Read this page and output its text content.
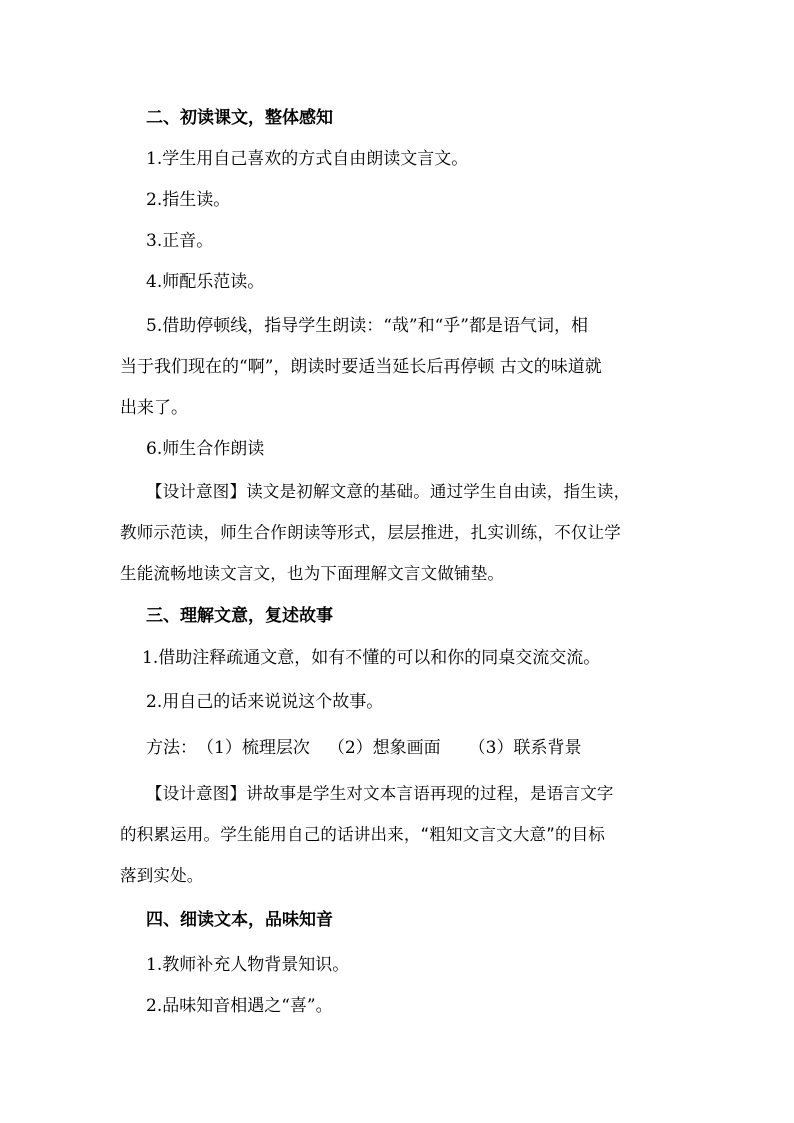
二、初读课文，整体感知
1.学生用自己喜欢的方式自由朗读文言文。
2.指生读。
3.正音。
4.师配乐范读。
5.借助停顿线，指导学生朗读：“哉”和“乎”都是语气词，相
当于我们现在的“啊”，朗读时要适当延长后再停顿 古文的味道就
出来了。
6.师生合作朗读
【设计意图】读文是初解文意的基础。通过学生自由读，指生读，
教师示范读，师生合作朗读等形式，层层推进，扎实训练，不仅让学
生能流畅地读文言文，也为下面理解文言文做铺垫。
三、理解文意，复述故事
1.借助注释疏通文意，如有不懂的可以和你的同桌交流交流。
2.用自己的话来说说这个故事。
方法：（1）梳理层次 （2）想象画面 （3）联系背景
【设计意图】讲故事是学生对文本言语再现的过程，是语言文字
的积累运用。学生能用自己的话讲出来，“粗知文言文大意”的目标
落到实处。
四、细读文本，品味知音
1.教师补充人物背景知识。
2.品味知音相遇之“喜”。
